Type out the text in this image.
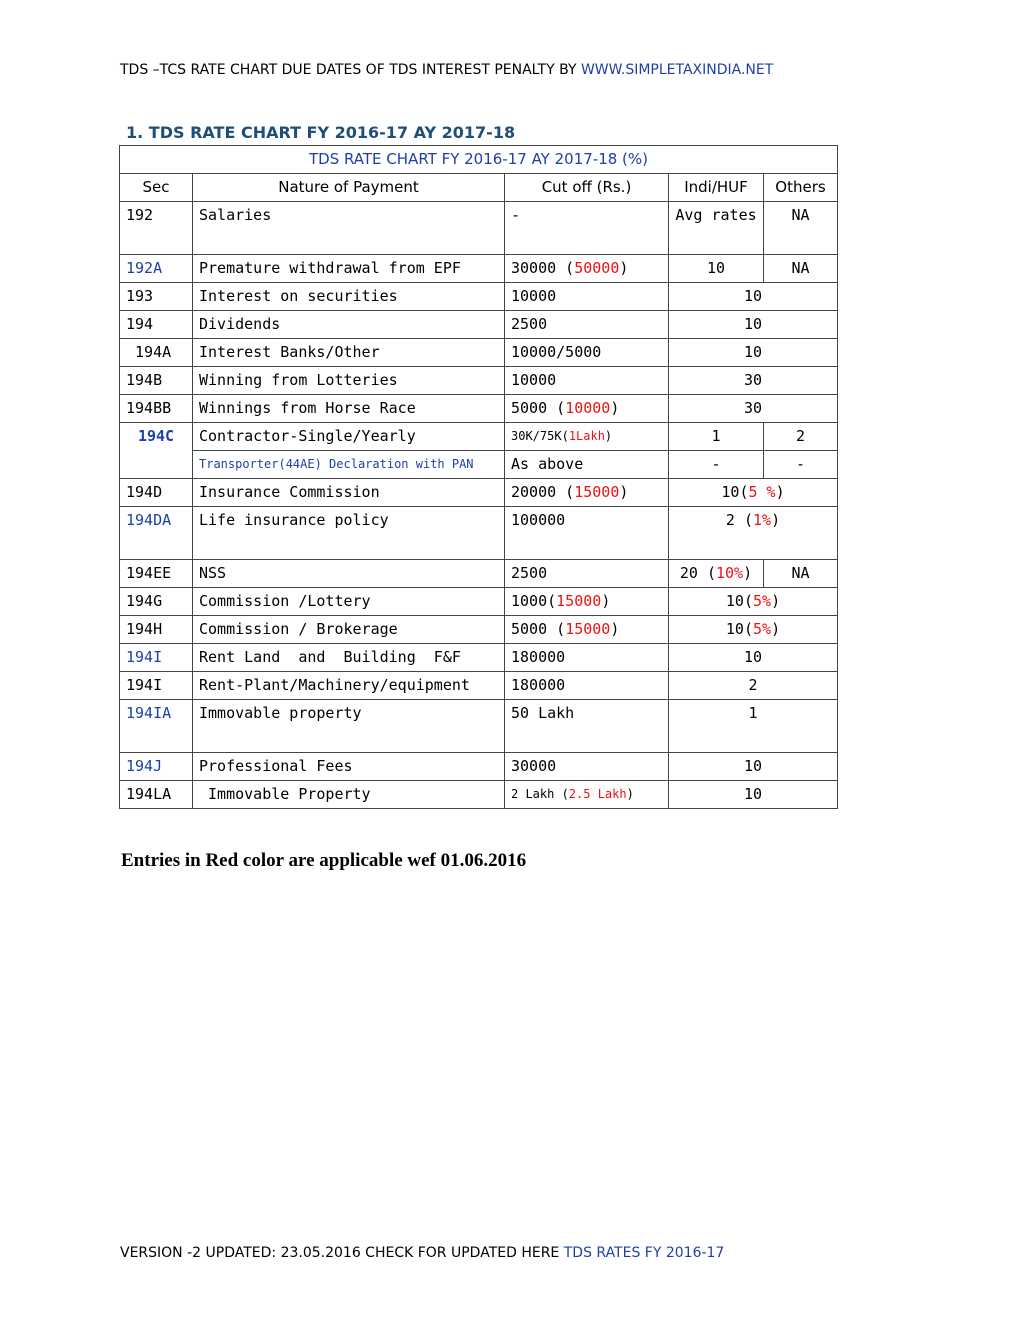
TDS –TCS RATE CHART DUE DATES OF TDS INTEREST PENALTY BY WWW.SIMPLETAXINDIA.NET
1. TDS RATE CHART FY 2016-17 AY 2017-18
TDS RATE CHART FY 2016-17 AY 2017-18 (%)				
Sec	Nature of Payment	Cut off (Rs.)	Indi/HUF	Others
192	Salaries	-	Avg rates	NA
192A	Premature withdrawal from EPF	30000 (50000)	10	NA
193	Interest on securities	10000	10	
194	Dividends	2500	10	
194A	Interest Banks/Other	10000/5000	10	
194B	Winning from Lotteries	10000	30	
194BB	Winnings from Horse Race	5000 (10000)	30	
194C	Contractor-Single/Yearly	30K/75K(1Lakh)	1	2
	Transporter(44AE) Declaration with PAN	As above	-	-
194D	Insurance Commission	20000 (15000)	10(5 %)	
194DA	Life insurance policy	100000	2 (1%)	
194EE	NSS	2500	20 (10%)	NA
194G	Commission /Lottery	1000(15000)	10(5%)	
194H	Commission / Brokerage	5000 (15000)	10(5%)	
194I	Rent Land  and  Building  F&F	180000	10	
194I	Rent-Plant/Machinery/equipment	180000	2	
194IA	Immovable property	50 Lakh	1	
194J	Professional Fees	30000	10	
194LA	Immovable Property	2 Lakh (2.5 Lakh)	10	
Entries in Red color are applicable wef 01.06.2016
VERSION -2 UPDATED: 23.05.2016 CHECK FOR UPDATED HERE TDS RATES FY 2016-17
